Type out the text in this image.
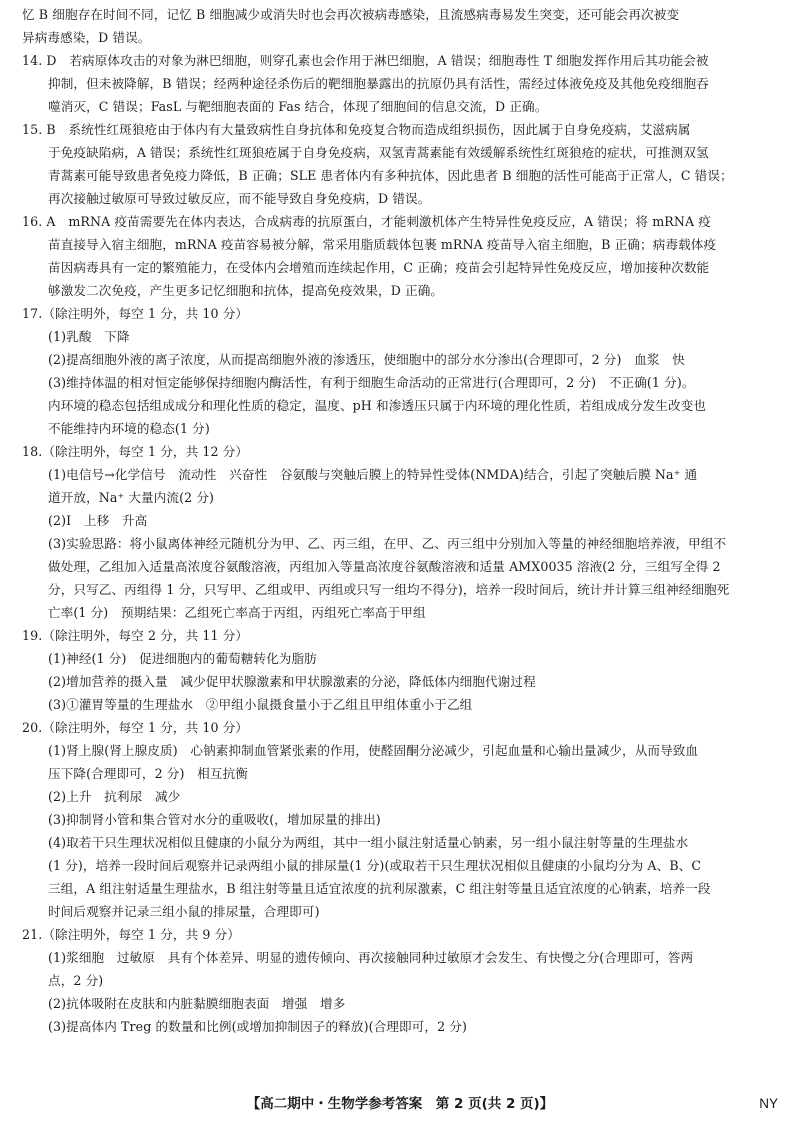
忆 B 细胞存在时间不同，记忆 B 细胞减少或消失时也会再次被病毒感染，且流感病毒易发生突变，还可能会再次被变
异病毒感染，D 错误。
14. D　若病原体攻击的对象为淋巴细胞，则穿孔素也会作用于淋巴细胞，A 错误；细胞毒性 T 细胞发挥作用后其功能会被
抑制，但未被降解，B 错误；经两种途径杀伤后的靶细胞暴露出的抗原仍具有活性，需经过体液免疫及其他免疫细胞吞
噬消灭，C 错误；FasL 与靶细胞表面的 Fas 结合，体现了细胞间的信息交流，D 正确。
15. B　系统性红斑狼疮由于体内有大量致病性自身抗体和免疫复合物而造成组织损伤，因此属于自身免疫病，艾滋病属
于免疫缺陷病，A 错误；系统性红斑狼疮属于自身免疫病，双氢青蒿素能有效缓解系统性红斑狼疮的症状，可推测双氢
青蒿素可能导致患者免疫力降低，B 正确；SLE 患者体内有多种抗体，因此患者 B 细胞的活性可能高于正常人，C 错误；
再次接触过敏原可导致过敏反应，而不能导致自身免疫病，D 错误。
16. A　mRNA 疫苗需要先在体内表达，合成病毒的抗原蛋白，才能刺激机体产生特异性免疫反应，A 错误；将 mRNA 疫
苗直接导入宿主细胞，mRNA 疫苗容易被分解，常采用脂质载体包裹 mRNA 疫苗导入宿主细胞，B 正确；病毒载体疫
苗因病毒具有一定的繁殖能力，在受体内会增殖而连续起作用，C 正确；疫苗会引起特异性免疫反应，增加接种次数能
够激发二次免疫，产生更多记忆细胞和抗体，提高免疫效果，D 正确。
17.（除注明外，每空 1 分，共 10 分）
(1)乳酸　下降
(2)提高细胞外液的离子浓度，从而提高细胞外液的渗透压，使细胞中的部分水分渗出(合理即可，2 分)　血浆　快
(3)维持体温的相对恒定能够保持细胞内酶活性，有利于细胞生命活动的正常进行(合理即可，2 分)　不正确(1 分)。
内环境的稳态包括组成成分和理化性质的稳定，温度、pH 和渗透压只属于内环境的理化性质，若组成成分发生改变也
不能维持内环境的稳态(1 分)
18.（除注明外，每空 1 分，共 12 分）
(1)电信号→化学信号　流动性　兴奋性　谷氨酸与突触后膜上的特异性受体(NMDA)结合，引起了突触后膜 Na⁺ 通
道开放，Na⁺ 大量内流(2 分)
(2)Ⅰ　上移　升高
(3)实验思路：将小鼠离体神经元随机分为甲、乙、丙三组，在甲、乙、丙三组中分别加入等量的神经细胞培养液，甲组不
做处理，乙组加入适量高浓度谷氨酸溶液，丙组加入等量高浓度谷氨酸溶液和适量 AMX0035 溶液(2 分，三组写全得 2
分，只写乙、丙组得 1 分，只写甲、乙组或甲、丙组或只写一组均不得分)，培养一段时间后，统计并计算三组神经细胞死
亡率(1 分)　预期结果：乙组死亡率高于丙组，丙组死亡率高于甲组
19.（除注明外，每空 2 分，共 11 分）
(1)神经(1 分)　促进细胞内的葡萄糖转化为脂肪
(2)增加营养的摄入量　减少促甲状腺激素和甲状腺激素的分泌，降低体内细胞代谢过程
(3)①灌胃等量的生理盐水　②甲组小鼠摄食量小于乙组且甲组体重小于乙组
20.（除注明外，每空 1 分，共 10 分）
(1)肾上腺(肾上腺皮质)　心钠素抑制血管紧张素的作用，使醛固酮分泌减少，引起血量和心输出量减少，从而导致血
压下降(合理即可，2 分)　相互抗衡
(2)上升　抗利尿　减少
(3)抑制肾小管和集合管对水分的重吸收(，增加尿量的排出)
(4)取若干只生理状况相似且健康的小鼠分为两组，其中一组小鼠注射适量心钠素，另一组小鼠注射等量的生理盐水
(1 分)，培养一段时间后观察并记录两组小鼠的排尿量(1 分)(或取若干只生理状况相似且健康的小鼠均分为 A、B、C
三组，A 组注射适量生理盐水，B 组注射等量且适宜浓度的抗利尿激素，C 组注射等量且适宜浓度的心钠素，培养一段
时间后观察并记录三组小鼠的排尿量，合理即可)
21.（除注明外，每空 1 分，共 9 分）
(1)浆细胞　过敏原　具有个体差异、明显的遗传倾向、再次接触同种过敏原才会发生、有快慢之分(合理即可，答两
点，2 分)
(2)抗体吸附在皮肤和内脏黏膜细胞表面　增强　增多
(3)提高体内 Treg 的数量和比例(或增加抑制因子的释放)(合理即可，2 分)
【高二期中・生物学参考答案　第 2 页(共 2 页)】	NY
